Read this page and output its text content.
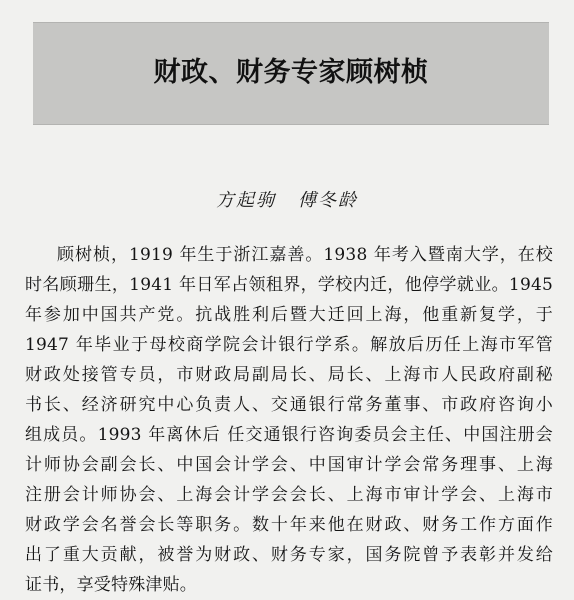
财政、财务专家顾树桢
方起驹 傅冬龄
顾树桢，1919 年生于浙江嘉善。1938 年考入暨南大学，在校
时名顾珊生，1941 年日军占领租界，学校内迁，他停学就业。1945
年参加中国共产党。抗战胜利后暨大迁回上海，他重新复学，于
1947 年毕业于母校商学院会计银行学系。解放后历任上海市军管
财政处接管专员，市财政局副局长、局长、上海市人民政府副秘
书长、经济研究中心负责人、交通银行常务董事、市政府咨询小
组成员。1993 年离休后 任交通银行咨询委员会主任、中国注册会
计师协会副会长、中国会计学会、中国审计学会常务理事、上海
注册会计师协会、上海会计学会会长、上海市审计学会、上海市
财政学会名誉会长等职务。数十年来他在财政、财务工作方面作
出了重大贡献，被誉为财政、财务专家，国务院曾予表彰并发给
证书，享受特殊津贴。
